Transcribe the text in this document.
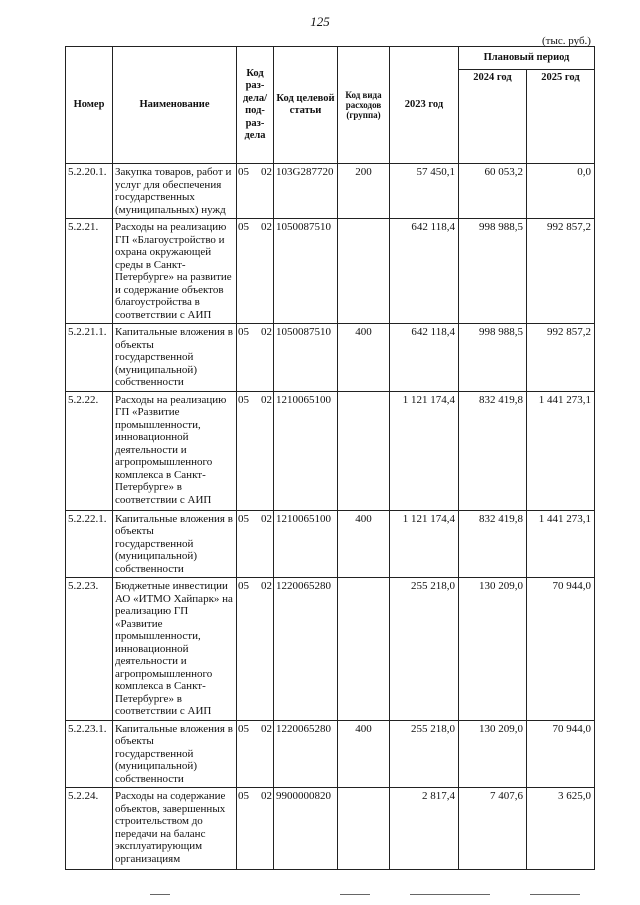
125
(тыс. руб.)
Номер	Наименование	Код раз-дела/ под-раз-дела	Код целевой статьи	Код вида расходов (группа)	2023 год	Плановый период	
						2024 год	2025 год
5.2.20.1.	Закупка товаров, работ и услуг для обеспечения государственных (муниципальных) нужд	05 02	103G287720	200	57 450,1	60 053,2	0,0
5.2.21.	Расходы на реализацию ГП «Благоустройство и охрана окружающей среды в Санкт-Петербурге» на развитие и содержание объектов благоустройства в соответствии с АИП	05 02	1050087510		642 118,4	998 988,5	992 857,2
5.2.21.1.	Капитальные вложения в объекты государственной (муниципальной) собственности	05 02	1050087510	400	642 118,4	998 988,5	992 857,2
5.2.22.	Расходы на реализацию ГП «Развитие промышленности, инновационной деятельности и агропромышленного комплекса в Санкт-Петербурге» в соответствии с АИП	05 02	1210065100		1 121 174,4	832 419,8	1 441 273,1
5.2.22.1.	Капитальные вложения в объекты государственной (муниципальной) собственности	05 02	1210065100	400	1 121 174,4	832 419,8	1 441 273,1
5.2.23.	Бюджетные инвестиции АО «ИТМО Хайпарк» на реализацию ГП «Развитие промышленности, инновационной деятельности и агропромышленного комплекса в Санкт-Петербурге» в соответствии с АИП	05 02	1220065280		255 218,0	130 209,0	70 944,0
5.2.23.1.	Капитальные вложения в объекты государственной (муниципальной) собственности	05 02	1220065280	400	255 218,0	130 209,0	70 944,0
5.2.24.	Расходы на содержание объектов, завершенных строительством до передачи на баланс эксплуатирующим организациям	05 02	9900000820		2 817,4	7 407,6	3 625,0
